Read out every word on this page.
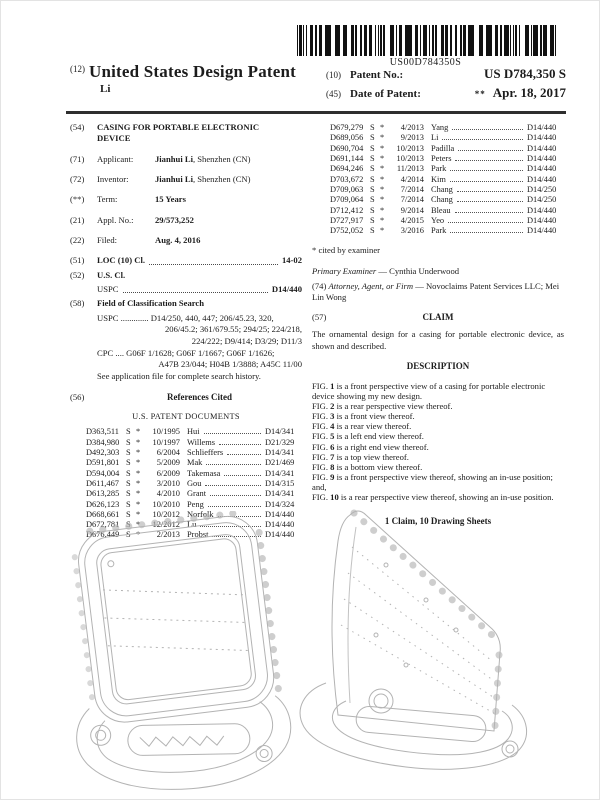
US00D784350S
$^{(12)}$ United States Design Patent
Li
(10) Patent No.:	US D784,350 S
(45) Date of Patent:	** Apr. 18, 2017
(54)	CASING FOR PORTABLE ELECTRONIC DEVICE
(71)	Applicant:	Jianhui Li, Shenzhen (CN)
(72)	Inventor:	Jianhui Li, Shenzhen (CN)
(**)	Term:	15 Years
(21)	Appl. No.:	29/573,252
(22)	Filed:	Aug. 4, 2016
(51)	LOC (10) Cl.	14-02
(52)	U.S. Cl.
USPC	D14/440
(58)	Field of Classification Search
USPC ............. D14/250, 440, 447; 206/45.23, 320,
206/45.2; 361/679.55; 294/25; 224/218,
224/222; D9/414; D3/29; D11/3
CPC .... G06F 1/1628; G06F 1/1667; G06F 1/1626;
A47B 23/044; H04B 1/3888; A45C 11/00
See application file for complete search history.
(56)	References Cited
U.S. PATENT DOCUMENTS
D363,511 S *	10/1995 Hui	D14/341
D384,980 S *	10/1997 Willems	D21/329
D492,303 S *	6/2004 Schlieffers	D14/341
D591,801 S *	5/2009 Mak	D21/469
D594,004 S *	6/2009 Takemasa	D14/341
D611,467 S *	3/2010 Gou	D14/315
D613,285 S *	4/2010 Grant	D14/341
D626,123 S *	10/2010 Peng	D14/324
D668,661 S *	10/2012 Norfolk	D14/440
D672,781 S *	12/2012 Lu	D14/440
D676,449 S *	2/2013 Probst	D14/440
D679,279 S *	4/2013 Yang	D14/440
D689,056 S *	9/2013 Li	D14/440
D690,704 S *	10/2013 Padilla	D14/440
D691,144 S *	10/2013 Peters	D14/440
D694,246 S *	11/2013 Park	D14/440
D703,672 S *	4/2014 Kim	D14/440
D709,063 S *	7/2014 Chang	D14/250
D709,064 S *	7/2014 Chang	D14/250
D712,412 S *	9/2014 Bleau	D14/440
D727,917 S *	4/2015 Yeo	D14/440
D752,052 S *	3/2016 Park	D14/440
* cited by examiner
Primary Examiner — Cynthia Underwood
(74) Attorney, Agent, or Firm — Novoclaims Patent Services LLC; Mei Lin Wong
(57)	CLAIM
The ornamental design for a casing for portable electronic device, as shown and described.
DESCRIPTION
FIG. 1 is a front perspective view of a casing for portable electronic device showing my new design.
FIG. 2 is a rear perspective view thereof.
FIG. 3 is a front view thereof.
FIG. 4 is a rear view thereof.
FIG. 5 is a left end view thereof.
FIG. 6 is a right end view thereof.
FIG. 7 is a top view thereof.
FIG. 8 is a bottom view thereof.
FIG. 9 is a front perspective view thereof, showing an in-use position; and,
FIG. 10 is a rear perspective view thereof, showing an in-use position.
1 Claim, 10 Drawing Sheets
